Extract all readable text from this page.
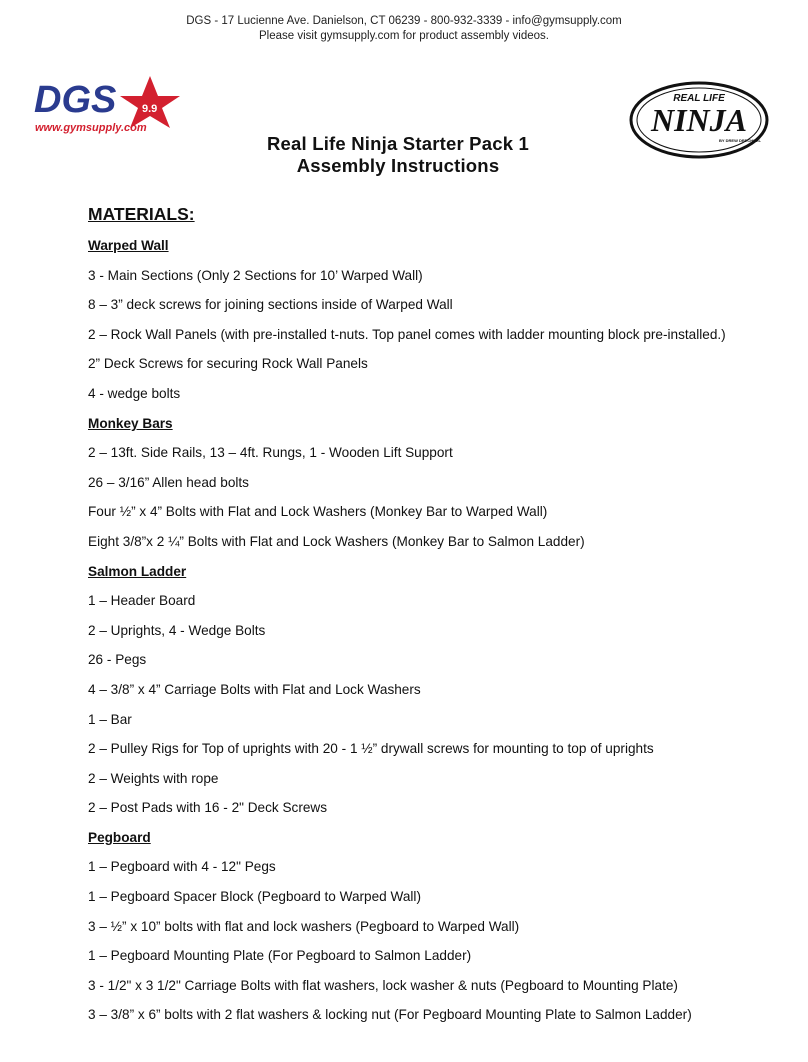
DGS - 17 Lucienne Ave. Danielson, CT 06239 - 800-932-3339 - info@gymsupply.com
Please visit gymsupply.com for product assembly videos.
DGS 9.9
www.gymsupply.com
REAL LIFE
NINJA
BY DREW DRECHSEL
Real Life Ninja Starter Pack 1
Assembly Instructions
MATERIALS:
Warped Wall
3 - Main Sections (Only 2 Sections for 10’ Warped Wall)
8 – 3” deck screws for joining sections inside of Warped Wall
2 – Rock Wall Panels (with pre-installed t-nuts. Top panel comes with ladder mounting block pre-installed.)
2” Deck Screws for securing Rock Wall Panels
4 - wedge bolts
Monkey Bars
2 – 13ft. Side Rails, 13 – 4ft. Rungs, 1 - Wooden Lift Support
26 – 3/16” Allen head bolts
Four ½” x 4” Bolts with Flat and Lock Washers (Monkey Bar to Warped Wall)
Eight 3/8”x 2 ¼” Bolts with Flat and Lock Washers (Monkey Bar to Salmon Ladder)
Salmon Ladder
1 – Header Board
2 – Uprights, 4 - Wedge Bolts
26 - Pegs
4 – 3/8” x 4” Carriage Bolts with Flat and Lock Washers
1 – Bar
2 – Pulley Rigs for Top of uprights with 20 - 1 ½” drywall screws for mounting to top of uprights
2 – Weights with rope
2 – Post Pads with 16 - 2" Deck Screws
Pegboard
1 – Pegboard with 4 - 12" Pegs
1 – Pegboard Spacer Block (Pegboard to Warped Wall)
3 – ½” x 10” bolts with flat and lock washers (Pegboard to Warped Wall)
1 – Pegboard Mounting Plate (For Pegboard to Salmon Ladder)
3 - 1/2" x 3 1/2" Carriage Bolts with flat washers, lock washer & nuts (Pegboard to Mounting Plate)
3 – 3/8” x 6” bolts with 2 flat washers & locking nut (For Pegboard Mounting Plate to Salmon Ladder)
